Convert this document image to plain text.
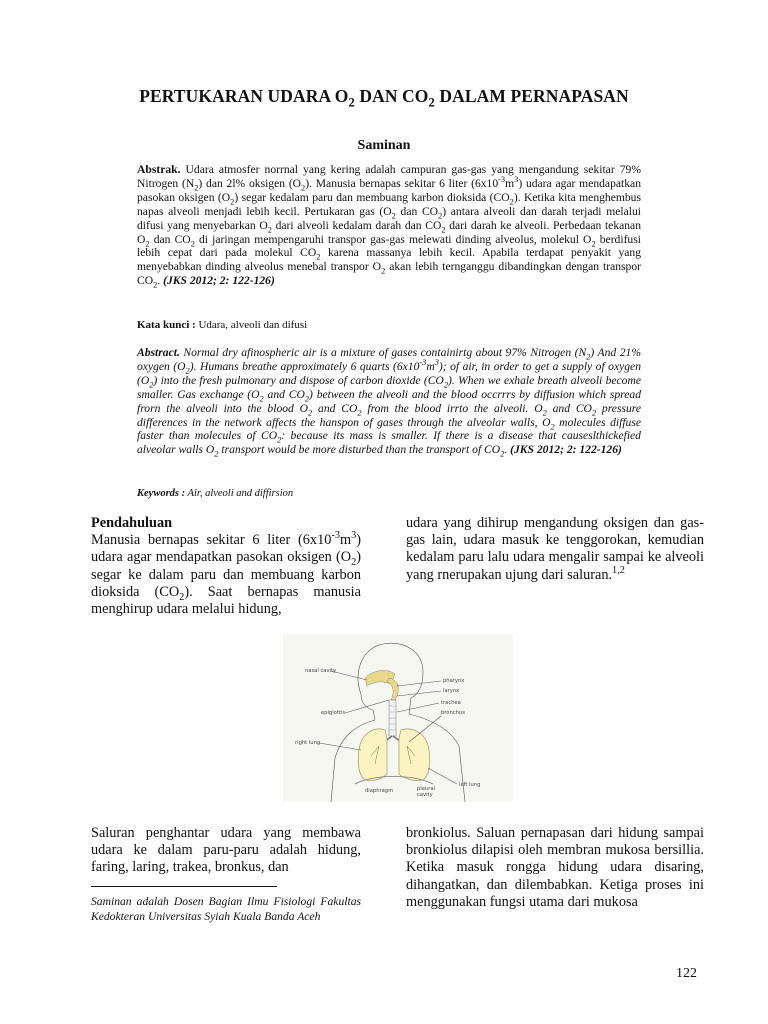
PERTUKARAN UDARA $O_2$ DAN $CO_2$ DALAM PERNAPASAN
Saminan
Abstrak. Udara atmosfer norrnal yang kering adalah campuran gas-gas yang mengandung sekitar 79% Nitrogen $(N_2)$ dan 2l% oksigen $(O_2)$. Manusia bernapas sekitar 6 liter $(6x10^{-3}m^3)$ udara agar mendapatkan pasokan oksigen $(O_2)$ segar kedalam paru dan membuang karbon dioksida $(CO_2)$. Ketika kita menghembus napas alveoli menjadi lebih kecil. Pertukaran gas ($O_2$ dan $CO_2$) antara alveoli dan darah terjadi melalui difusi yang menyebarkan $O_2$ dari alveoli kedalam darah dan $CO_2$ dari darah ke alveoli. Perbedaan tekanan $O_2$ dan $CO_2$ di jaringan mempengaruhi transpor gas-gas melewati dinding alveolus, molekul $O_2$ berdifusi lebih cepat dari pada molekul $CO_2$ karena massanya lebih kecil. Apabila terdapat penyakit yang menyebabkan dinding alveolus menebal transpor $O_2$ akan lebih ternganggu dibandingkan dengan transpor $CO_2$. (JKS 2012; 2: 122-126)
Kata kunci : Udara, alveoli dan difusi
Abstract. Normal dry afinospheric air is a mixture of gases containirtg about 97% Nitrogen $(N_2)$ And 21% oxygen $(O_2)$. Humans breathe approximately 6 quarts $(6x10^{-3}m^3)$; of air, in order to get a supply of oxygen $(O_2)$ into the fresh pulmonary and dispose of carbon dioxide $(CO_2)$. When we exhale breath alveoli become smaller. Gas exchange ($O_2$ and $CO_2$) between the alveoli and the blood occrrrs by diffusion which spread frorn the alveoli into the blood $O_2$ and $CO_2$ from the blood irrto the alveoli. $O_2$ and $CO_2$ pressure differences in the network affects the hanspon of gases through the alveolar walls, $O_2$ molecules diffuse faster than molecules of $CO_2$: because its mass is smaller. If there is a disease that causeslthickefied alveolar walls $O_2$ transport would be more disturbed than the transport of $CO_2$. (JKS 2012; 2: 122-126)
Keywords : Air, alveoli and diffirsion
Pendahuluan
Manusia bernapas sekitar 6 liter $(6x10^{-3}m^3)$ udara agar mendapatkan pasokan oksigen $(O_2)$ segar ke dalam paru dan membuang karbon dioksida $(CO_2)$. Saat bernapas manusia menghirup udara melalui hidung,
udara yang dihirup mengandung oksigen dan gas-gas lain, udara masuk ke tenggorokan, kemudian kedalam paru lalu udara mengalir sampai ke alveoli yang rnerupakan ujung dari saluran.$^{1,2}$
nasal cavity
pharynx
larynx
trachea
bronchus
epiglottis
right lung
left lung
diaphragm	pleural
cavity
Saluran penghantar udara yang membawa udara ke dalam paru-paru adalah hidung, faring, laring, trakea, bronkus, dan
bronkiolus. Saluan pernapasan dari hidung sampai bronkiolus dilapisi oleh membran mukosa bersillia. Ketika masuk rongga hidung udara disaring, dihangatkan, dan dilembabkan. Ketiga proses ini menggunakan fungsi utama dari mukosa
Saminan adalah Dosen Bagian Ilmu Fisiologi Fakultas Kedokteran Universitas Syiah Kuala Banda Aceh
122
